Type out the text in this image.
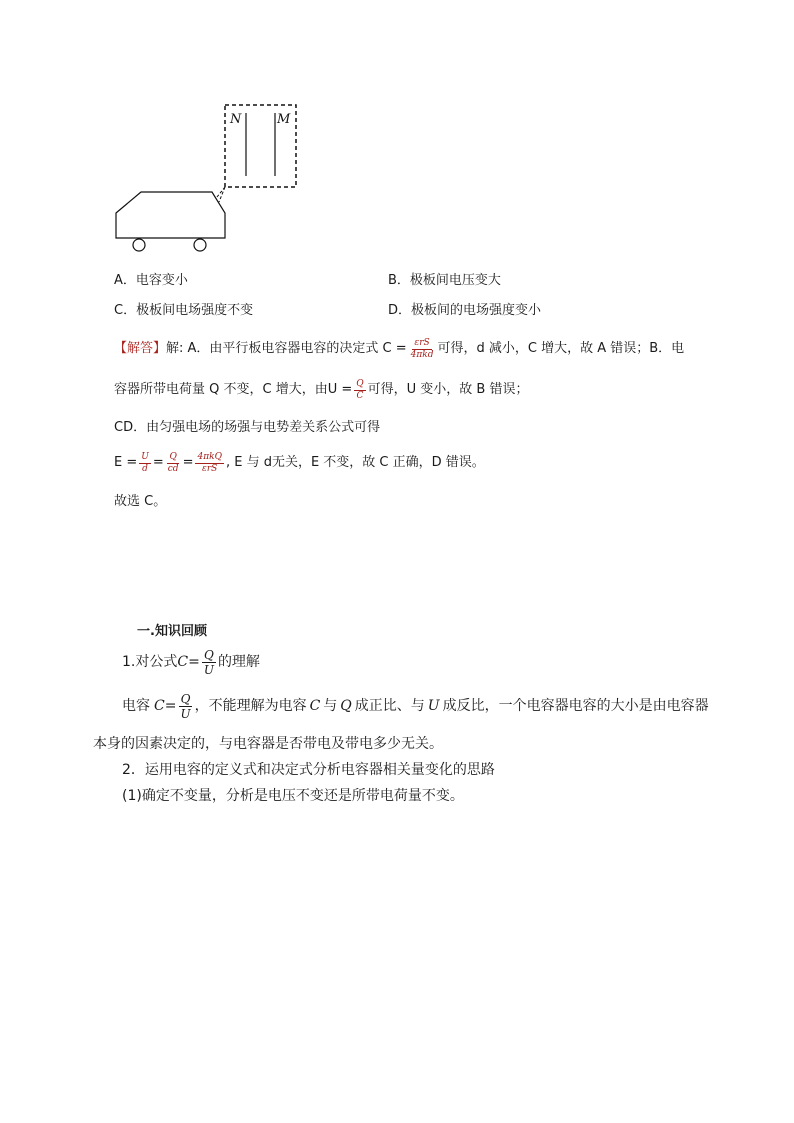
N	M
A．电容变小	B．极板间电压变大
C．极板间电场强度不变	D．极板间的电场强度变小
【解答】 解: A．由平行板电容器电容的决定式 $C = \frac{\text{εrS}}{\text{4πkd}}$ 可得，d 减小，C 增大，故 A 错误；B．电
容器所带电荷量 Q 不变，C 增大，由$U = \frac{Q}{C}$ 可得，U 变小，故 B 错误；
CD．由匀强电场的场强与电势差关系公式可得
$E = \frac{U}{d} = \frac{Q}{cd} = \frac{\text{4πkQ}}{\text{εrS}}$ , E 与 d无关，E 不变，故 C 正确，D 错误。
故选 C。
一.知识回顾
1.对公式 $C= \frac{Q}{U}$ 的理解
电容 $C= \frac{Q}{U}$ ，不能理解为电容 C 与 Q 成正比、与 U 成反比，一个电容器电容的大小是由电容器
本身的因素决定的，与电容器是否带电及带电多少无关。
2．运用电容的定义式和决定式分析电容器相关量变化的思路
(1)确定不变量，分析是电压不变还是所带电荷量不变。
